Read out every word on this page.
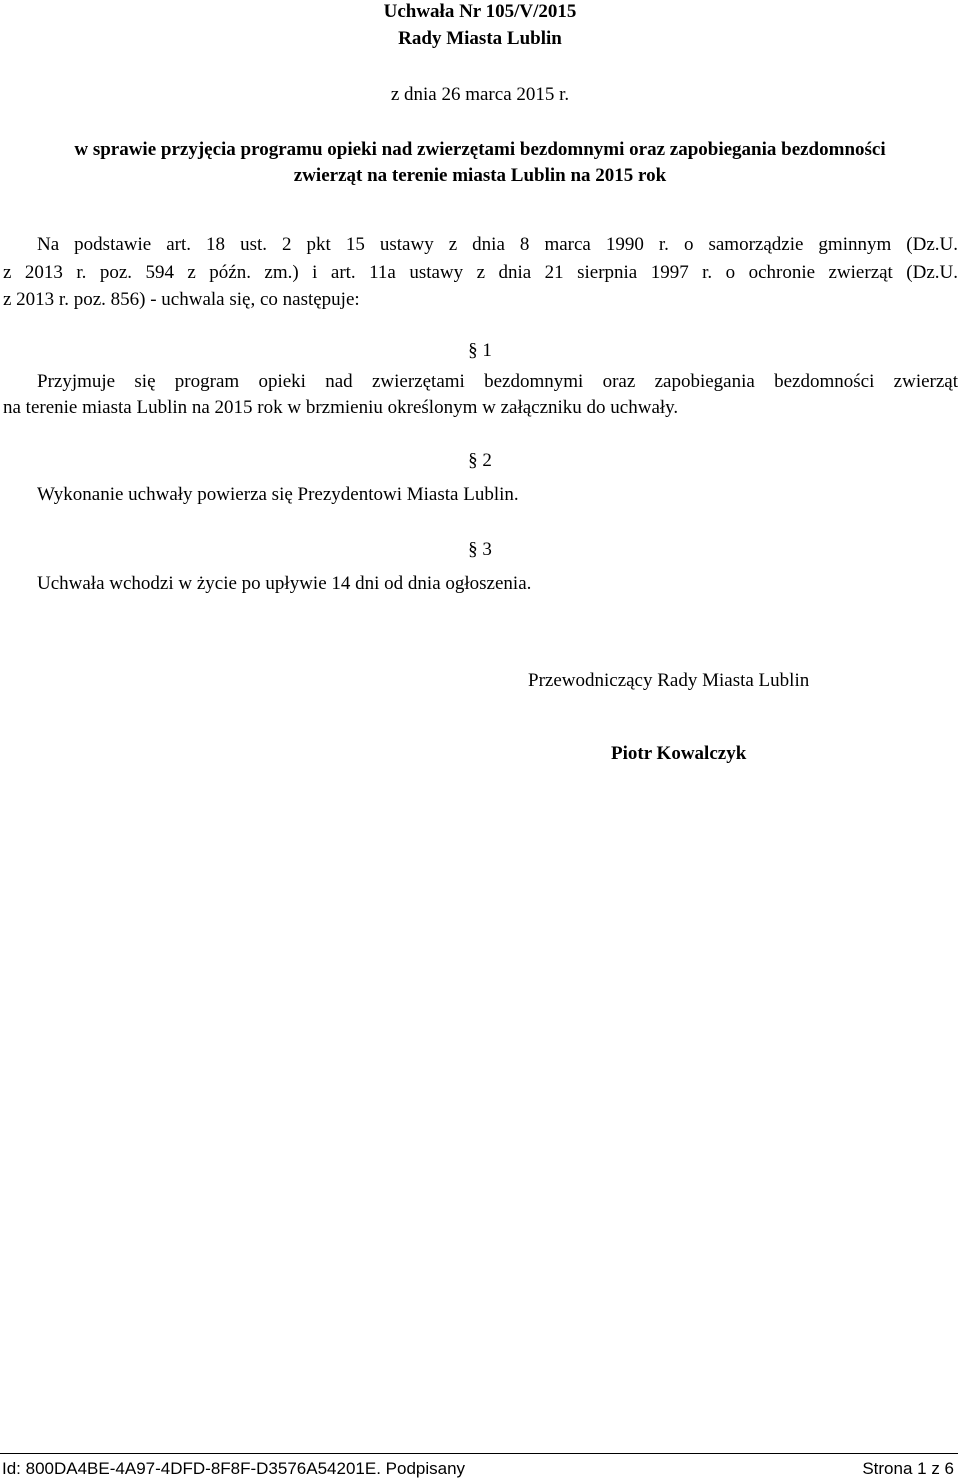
Uchwała Nr 105/V/2015
Rady Miasta Lublin
z dnia 26 marca 2015 r.
w sprawie przyjęcia programu opieki nad zwierzętami bezdomnymi oraz zapobiegania bezdomności
zwierząt na terenie miasta Lublin na 2015 rok
Na podstawie art. 18 ust. 2 pkt 15 ustawy z dnia 8 marca 1990 r. o samorządzie gminnym (Dz.U.
z 2013 r. poz. 594 z późn. zm.) i art. 11a ustawy z dnia 21 sierpnia 1997 r. o ochronie zwierząt (Dz.U.
z 2013 r. poz. 856) - uchwala się, co następuje:
§ 1
Przyjmuje się program opieki nad zwierzętami bezdomnymi oraz zapobiegania bezdomności zwierząt
na terenie miasta Lublin na 2015 rok w brzmieniu określonym w załączniku do uchwały.
§ 2
Wykonanie uchwały powierza się Prezydentowi Miasta Lublin.
§ 3
Uchwała wchodzi w życie po upływie 14 dni od dnia ogłoszenia.
Przewodniczący Rady Miasta Lublin
Piotr Kowalczyk
Id: 800DA4BE-4A97-4DFD-8F8F-D3576A54201E. Podpisany	Strona 1 z 6
